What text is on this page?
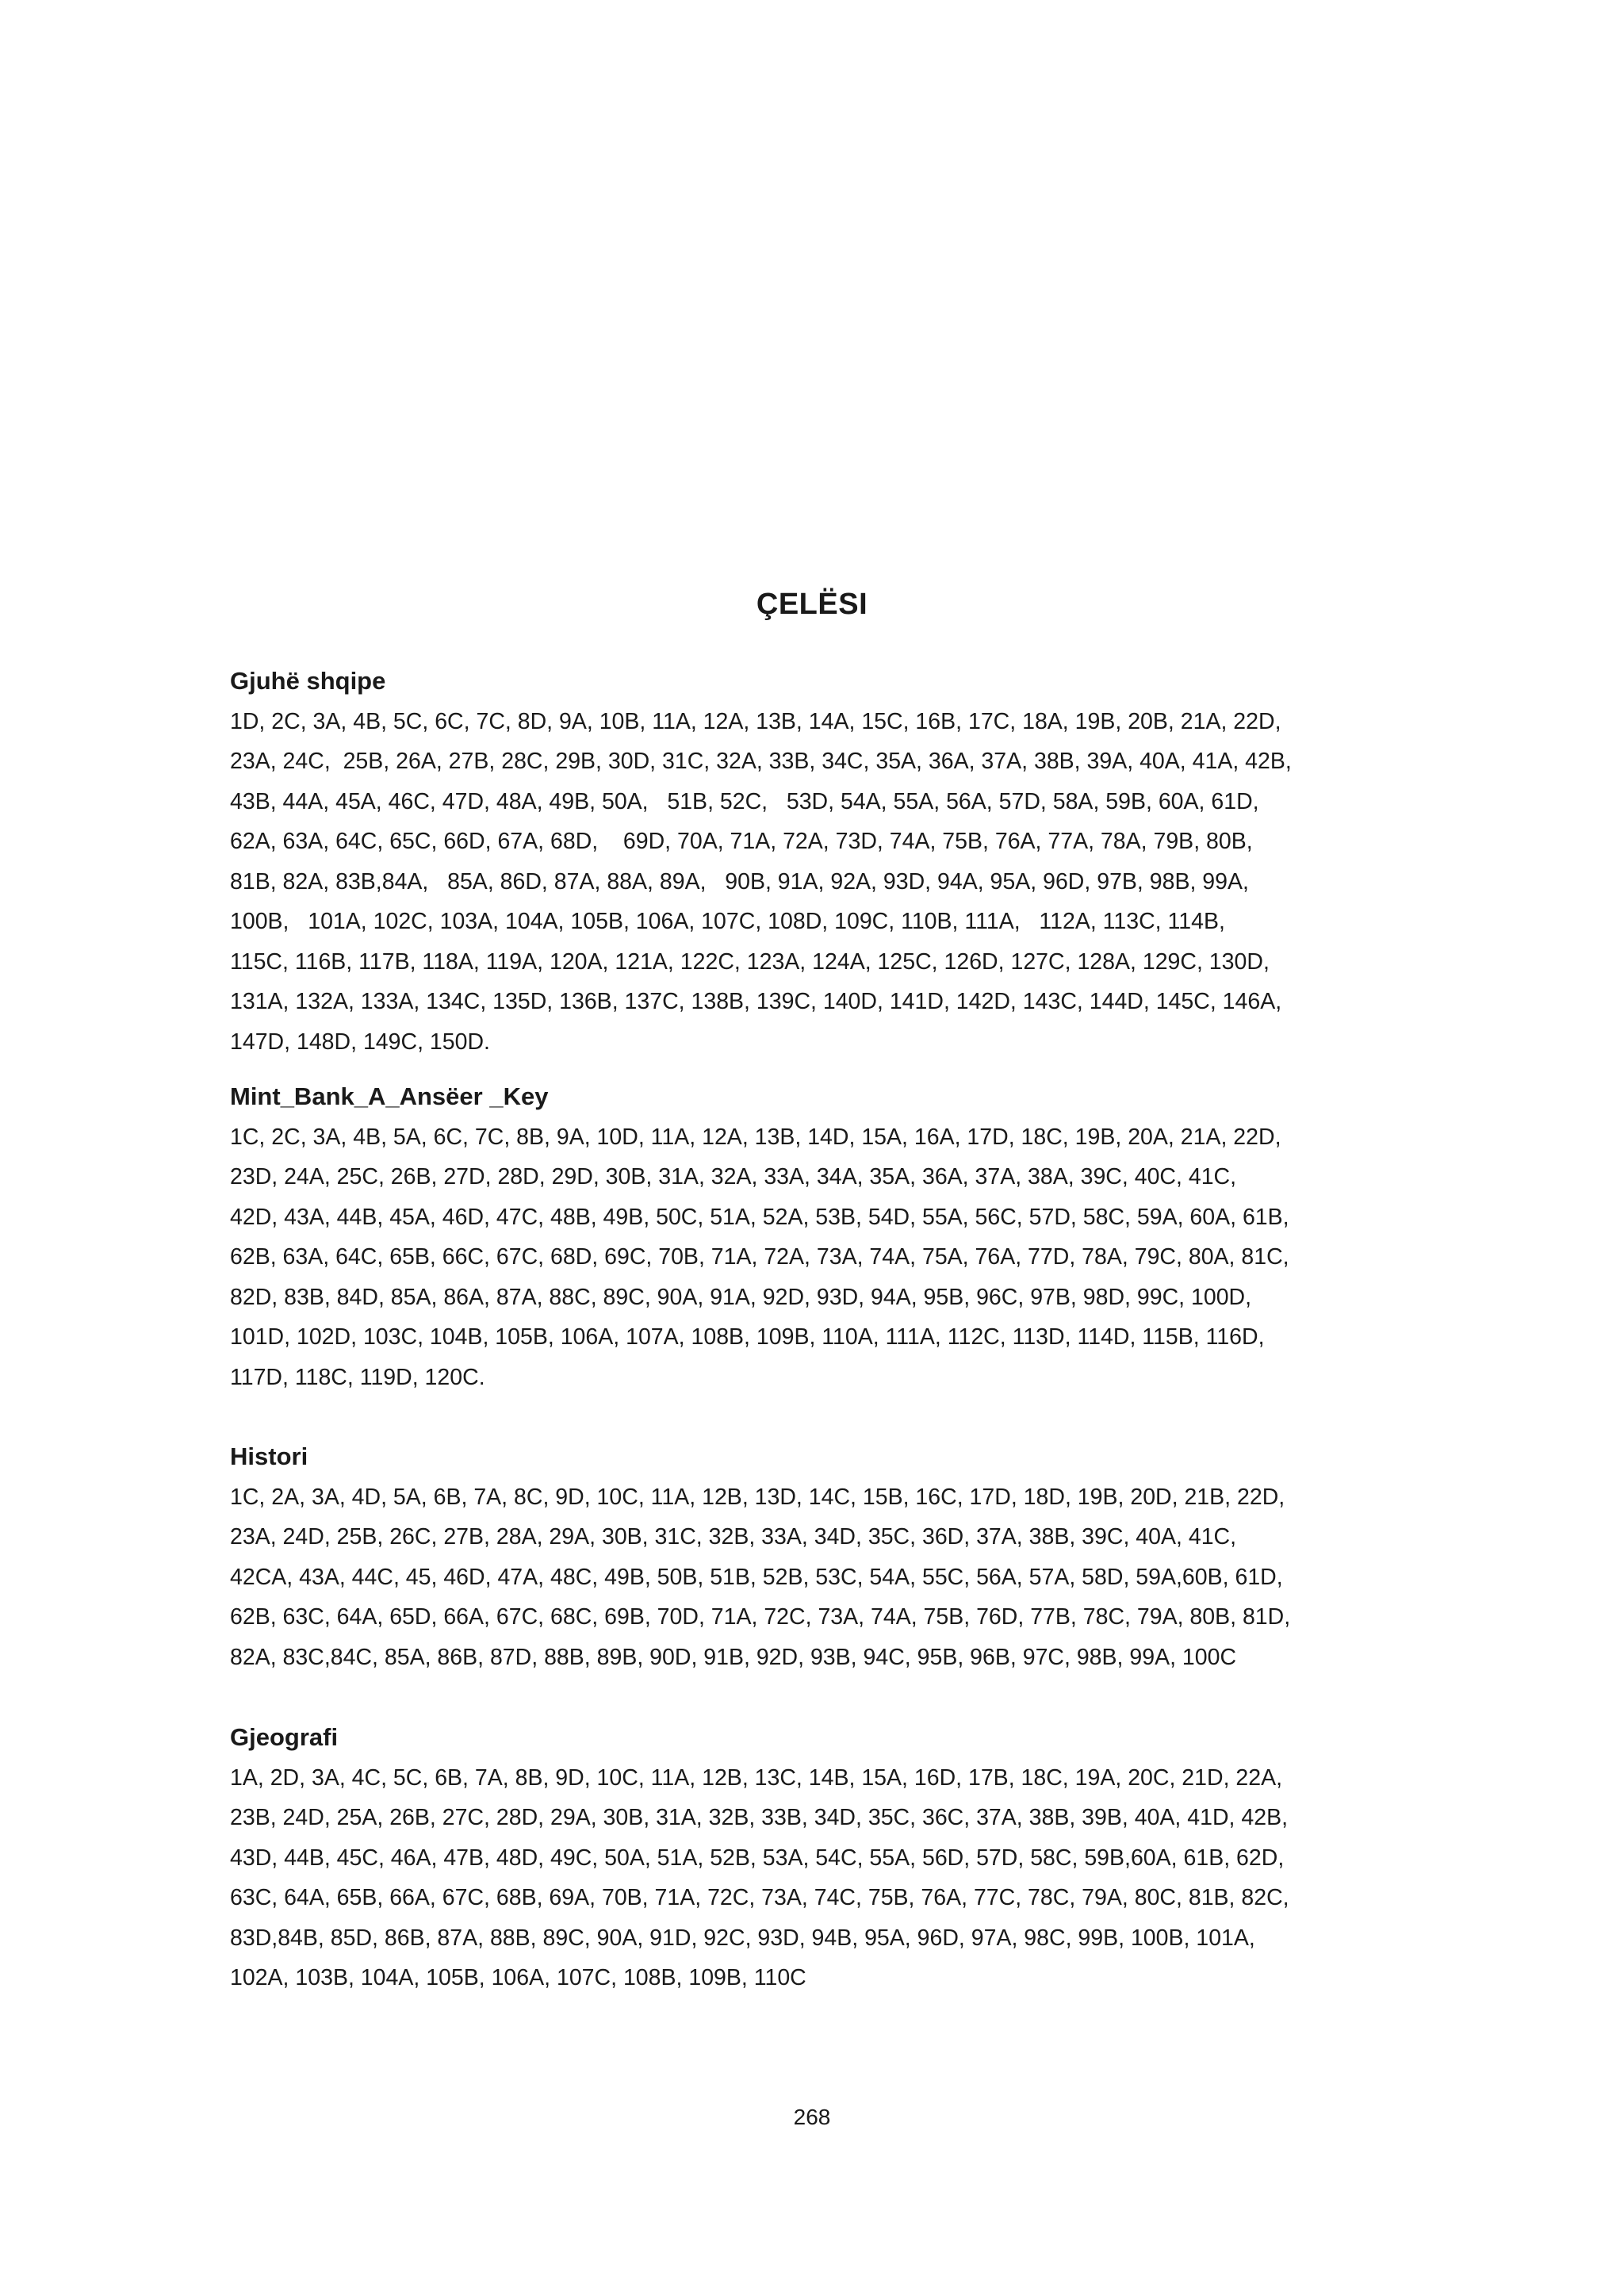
ÇELËSI
Gjuhë shqipe
1D, 2C, 3A, 4B, 5C, 6C, 7C, 8D, 9A, 10B, 11A, 12A, 13B, 14A, 15C, 16B, 17C, 18A, 19B, 20B, 21A, 22D,
23A, 24C,  25B, 26A, 27B, 28C, 29B, 30D, 31C, 32A, 33B, 34C, 35A, 36A, 37A, 38B, 39A, 40A, 41A, 42B,
43B, 44A, 45A, 46C, 47D, 48A, 49B, 50A,   51B, 52C,   53D, 54A, 55A, 56A, 57D, 58A, 59B, 60A, 61D,
62A, 63A, 64C, 65C, 66D, 67A, 68D,    69D, 70A, 71A, 72A, 73D, 74A, 75B, 76A, 77A, 78A, 79B, 80B,
81B, 82A, 83B,84A,   85A, 86D, 87A, 88A, 89A,   90B, 91A, 92A, 93D, 94A, 95A, 96D, 97B, 98B, 99A,
100B,   101A, 102C, 103A, 104A, 105B, 106A, 107C, 108D, 109C, 110B, 111A,   112A, 113C, 114B,
115C, 116B, 117B, 118A, 119A, 120A, 121A, 122C, 123A, 124A, 125C, 126D, 127C, 128A, 129C, 130D,
131A, 132A, 133A, 134C, 135D, 136B, 137C, 138B, 139C, 140D, 141D, 142D, 143C, 144D, 145C, 146A,
147D, 148D, 149C, 150D.
Mint_Bank_A_Ansëer _Key
1C, 2C, 3A, 4B, 5A, 6C, 7C, 8B, 9A, 10D, 11A, 12A, 13B, 14D, 15A, 16A, 17D, 18C, 19B, 20A, 21A, 22D,
23D, 24A, 25C, 26B, 27D, 28D, 29D, 30B, 31A, 32A, 33A, 34A, 35A, 36A, 37A, 38A, 39C, 40C, 41C,
42D, 43A, 44B, 45A, 46D, 47C, 48B, 49B, 50C, 51A, 52A, 53B, 54D, 55A, 56C, 57D, 58C, 59A, 60A, 61B,
62B, 63A, 64C, 65B, 66C, 67C, 68D, 69C, 70B, 71A, 72A, 73A, 74A, 75A, 76A, 77D, 78A, 79C, 80A, 81C,
82D, 83B, 84D, 85A, 86A, 87A, 88C, 89C, 90A, 91A, 92D, 93D, 94A, 95B, 96C, 97B, 98D, 99C, 100D,
101D, 102D, 103C, 104B, 105B, 106A, 107A, 108B, 109B, 110A, 111A, 112C, 113D, 114D, 115B, 116D,
117D, 118C, 119D, 120C.
Histori
1C, 2A, 3A, 4D, 5A, 6B, 7A, 8C, 9D, 10C, 11A, 12B, 13D, 14C, 15B, 16C, 17D, 18D, 19B, 20D, 21B, 22D,
23A, 24D, 25B, 26C, 27B, 28A, 29A, 30B, 31C, 32B, 33A, 34D, 35C, 36D, 37A, 38B, 39C, 40A, 41C,
42CA, 43A, 44C, 45, 46D, 47A, 48C, 49B, 50B, 51B, 52B, 53C, 54A, 55C, 56A, 57A, 58D, 59A,60B, 61D,
62B, 63C, 64A, 65D, 66A, 67C, 68C, 69B, 70D, 71A, 72C, 73A, 74A, 75B, 76D, 77B, 78C, 79A, 80B, 81D,
82A, 83C,84C, 85A, 86B, 87D, 88B, 89B, 90D, 91B, 92D, 93B, 94C, 95B, 96B, 97C, 98B, 99A, 100C
Gjeografi
1A, 2D, 3A, 4C, 5C, 6B, 7A, 8B, 9D, 10C, 11A, 12B, 13C, 14B, 15A, 16D, 17B, 18C, 19A, 20C, 21D, 22A,
23B, 24D, 25A, 26B, 27C, 28D, 29A, 30B, 31A, 32B, 33B, 34D, 35C, 36C, 37A, 38B, 39B, 40A, 41D, 42B,
43D, 44B, 45C, 46A, 47B, 48D, 49C, 50A, 51A, 52B, 53A, 54C, 55A, 56D, 57D, 58C, 59B,60A, 61B, 62D,
63C, 64A, 65B, 66A, 67C, 68B, 69A, 70B, 71A, 72C, 73A, 74C, 75B, 76A, 77C, 78C, 79A, 80C, 81B, 82C,
83D,84B, 85D, 86B, 87A, 88B, 89C, 90A, 91D, 92C, 93D, 94B, 95A, 96D, 97A, 98C, 99B, 100B, 101A,
102A, 103B, 104A, 105B, 106A, 107C, 108B, 109B, 110C
268
